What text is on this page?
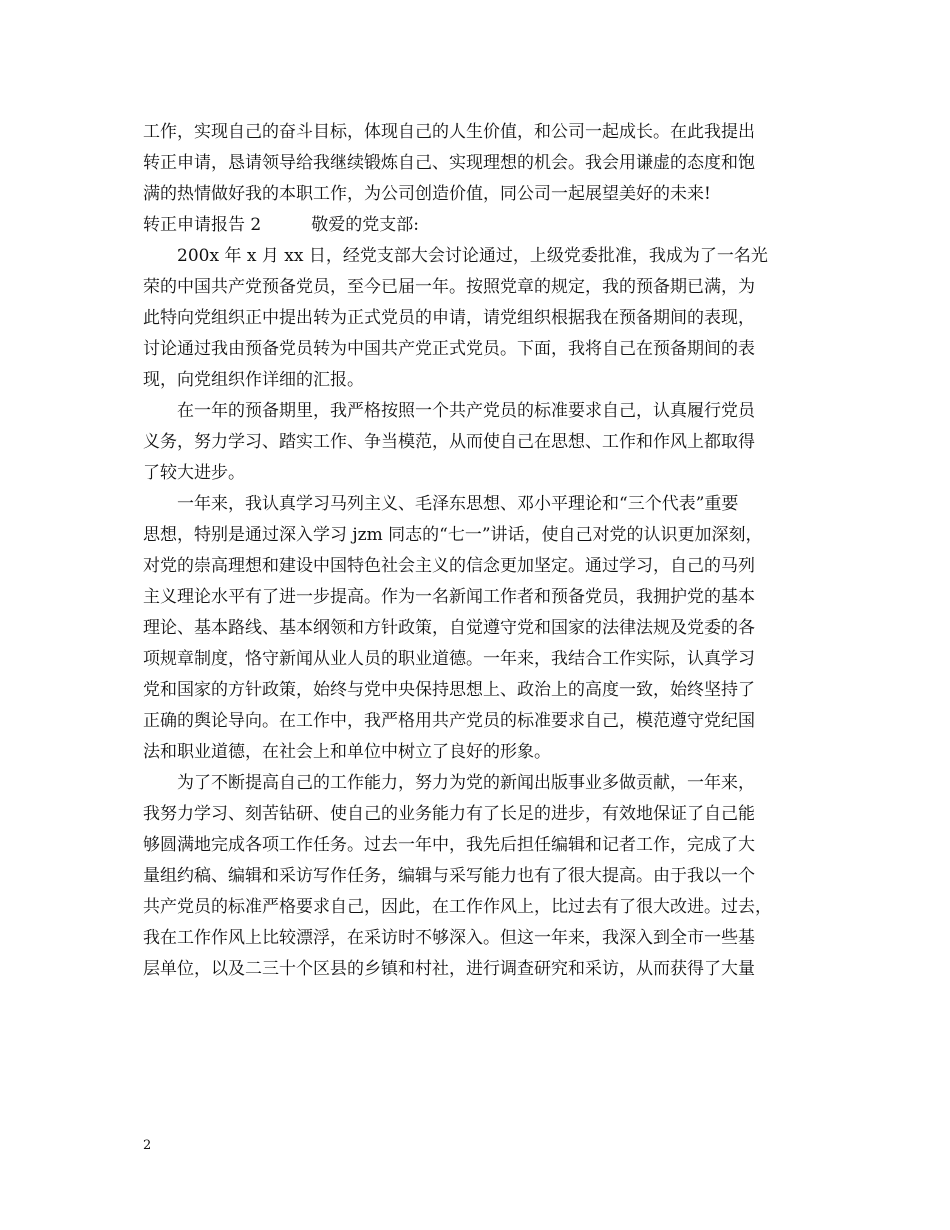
工作，实现自己的奋斗目标，体现自己的人生价值，和公司一起成长。在此我提出
转正申请，恳请领导给我继续锻炼自己、实现理想的机会。我会用谦虚的态度和饱
满的热情做好我的本职工作，为公司创造价值，同公司一起展望美好的未来!
转正申请报告 2	敬爱的党支部:
200x 年 x 月 xx 日，经党支部大会讨论通过，上级党委批准，我成为了一名光
荣的中国共产党预备党员，至今已届一年。按照党章的规定，我的预备期已满，为
此特向党组织正中提出转为正式党员的申请，请党组织根据我在预备期间的表现，
讨论通过我由预备党员转为中国共产党正式党员。下面，我将自己在预备期间的表
现，向党组织作详细的汇报。
在一年的预备期里，我严格按照一个共产党员的标准要求自己，认真履行党员
义务，努力学习、踏实工作、争当模范，从而使自己在思想、工作和作风上都取得
了较大进步。
一年来，我认真学习马列主义、毛泽东思想、邓小平理论和“三个代表”重要
思想，特别是通过深入学习 jzm 同志的“七一”讲话，使自己对党的认识更加深刻，
对党的崇高理想和建设中国特色社会主义的信念更加坚定。通过学习，自己的马列
主义理论水平有了进一步提高。作为一名新闻工作者和预备党员，我拥护党的基本
理论、基本路线、基本纲领和方针政策，自觉遵守党和国家的法律法规及党委的各
项规章制度，恪守新闻从业人员的职业道德。一年来，我结合工作实际，认真学习
党和国家的方针政策，始终与党中央保持思想上、政治上的高度一致，始终坚持了
正确的舆论导向。在工作中，我严格用共产党员的标准要求自己，模范遵守党纪国
法和职业道德，在社会上和单位中树立了良好的形象。
为了不断提高自己的工作能力，努力为党的新闻出版事业多做贡献，一年来，
我努力学习、刻苦钻研、使自己的业务能力有了长足的进步，有效地保证了自己能
够圆满地完成各项工作任务。过去一年中，我先后担任编辑和记者工作，完成了大
量组约稿、编辑和采访写作任务，编辑与采写能力也有了很大提高。由于我以一个
共产党员的标准严格要求自己，因此，在工作作风上，比过去有了很大改进。过去，
我在工作作风上比较漂浮，在采访时不够深入。但这一年来，我深入到全市一些基
层单位，以及二三十个区县的乡镇和村社，进行调查研究和采访，从而获得了大量
2
